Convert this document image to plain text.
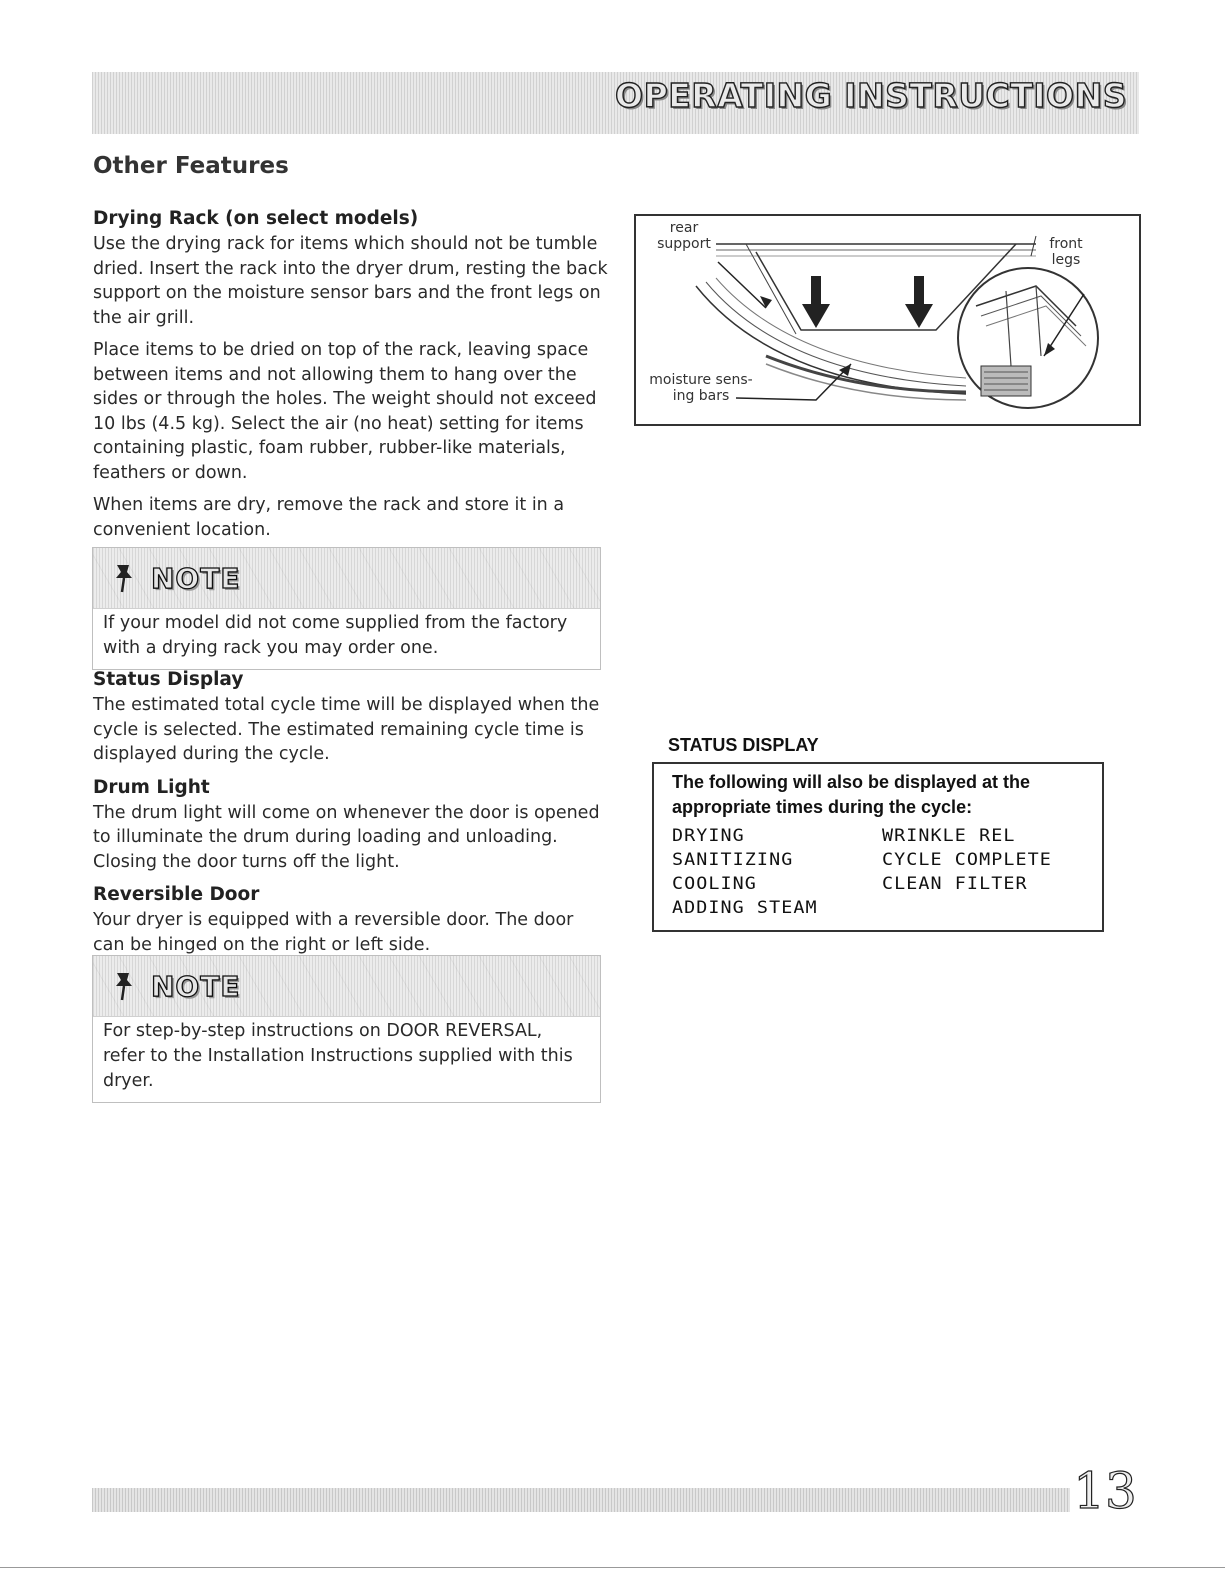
OPERATING INSTRUCTIONS
Other Features
Drying Rack (on select models)

Use the drying rack for items which should not be tumble dried. Insert the rack into the dryer drum, resting the back support on the moisture sensor bars and the front legs on the air grill.

Place items to be dried on top of the rack, leaving space between items and not allowing them to hang over the sides or through the holes. The weight should not exceed 10 lbs (4.5 kg). Select the air (no heat) setting for items containing plastic, foam rubber, rubber-like materials, feathers or down.

When items are dry, remove the rack and store it in a convenient location.

NOTE

If your model did not come supplied from the factory with a drying rack you may order one.

Status Display

The estimated total cycle time will be displayed when the cycle is selected. The estimated remaining cycle time is displayed during the cycle.

Drum Light

The drum light will come on whenever the door is opened to illuminate the drum during loading and unloading. Closing the door turns off the light.

Reversible Door

Your dryer is equipped with a reversible door. The door can be hinged on the right or left side.

NOTE

For step-by-step instructions on DOOR REVERSAL, refer to the Installation Instructions supplied with this dryer.

rear
support	front
legs
moisture sens-
ing bars
STATUS DISPLAY

The following will also be displayed at the appropriate times during the cycle:

DRYING	WRINKLE REL
SANITIZING	CYCLE COMPLETE
COOLING	CLEAN FILTER
ADDING STEAM
13
